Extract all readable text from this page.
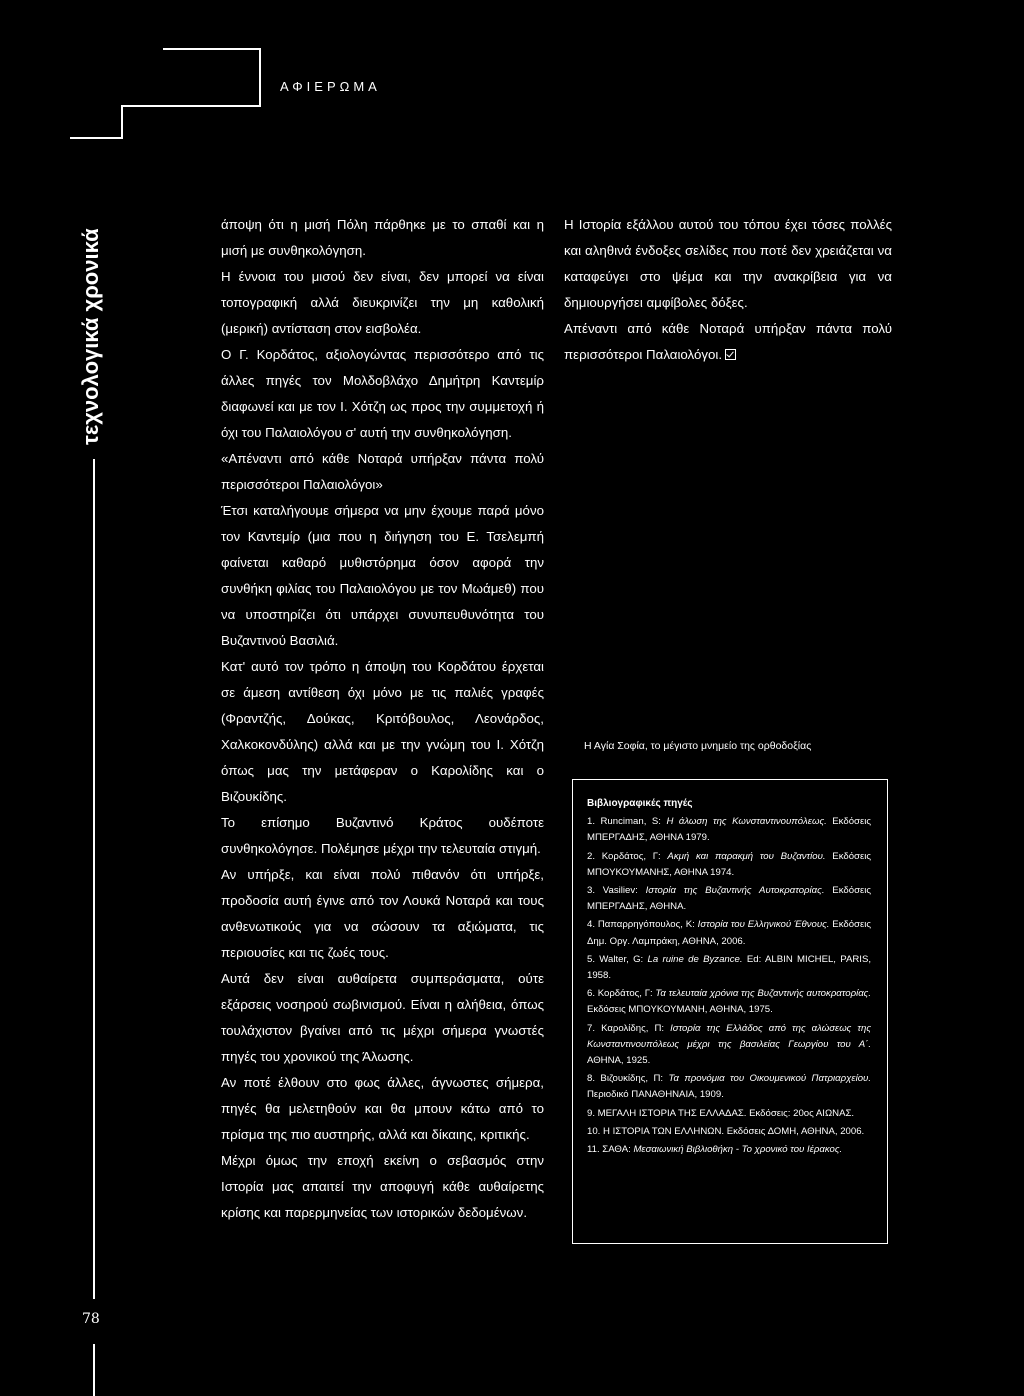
ΑΦΙΕΡΩΜΑ
τεχνολογικά χρονικά

άποψη ότι η μισή Πόλη πάρθηκε με το σπαθί και η μισή με συνθηκολόγηση.

Η έννοια του μισού δεν είναι, δεν μπορεί να είναι τοπογραφική αλλά διευκρινίζει την μη καθολική (μερική) αντίσταση στον εισβολέα.

Ο Γ. Κορδάτος, αξιολογώντας περισσότερο από τις άλλες πηγές τον Μολδοβλάχο Δημήτρη Καντεμίρ διαφωνεί και με τον Ι. Χότζη ως προς την συμμετοχή ή όχι του Παλαιολόγου σ' αυτή την συνθηκολόγηση.

«Απέναντι από κάθε Νοταρά υπήρξαν πάντα πολύ περισσότεροι Παλαιολόγοι»

Έτσι καταλήγουμε σήμερα να μην έχουμε παρά μόνο τον Καντεμίρ (μια που η διήγηση του Ε. Τσελεμπή φαίνεται καθαρό μυθιστόρημα όσον αφορά την συνθήκη φιλίας του Παλαιολόγου με τον Μωάμεθ) που να υποστηρίζει ότι υπάρχει συνυπευθυνότητα του Βυζαντινού Βασιλιά.

Κατ' αυτό τον τρόπο η άποψη του Κορδάτου έρχεται σε άμεση αντίθεση όχι μόνο με τις παλιές γραφές (Φραντζής, Δούκας, Κριτόβουλος, Λεονάρδος, Χαλκοκονδύλης) αλλά και με την γνώμη του Ι. Χότζη όπως μας την μετάφεραν ο Καρολίδης και ο Βιζουκίδης.

Το επίσημο Βυζαντινό Κράτος ουδέποτε συνθηκολόγησε. Πολέμησε μέχρι την τελευταία στιγμή.

Αν υπήρξε, και είναι πολύ πιθανόν ότι υπήρξε, προδοσία αυτή έγινε από τον Λουκά Νοταρά και τους ανθενωτικούς για να σώσουν τα αξιώματα, τις περιουσίες και τις ζωές τους.

Αυτά δεν είναι αυθαίρετα συμπεράσματα, ούτε εξάρσεις νοσηρού σωβινισμού. Είναι η αλήθεια, όπως τουλάχιστον βγαίνει από τις μέχρι σήμερα γνωστές πηγές του χρονικού της Άλωσης.

Αν ποτέ έλθουν στο φως άλλες, άγνωστες σήμερα, πηγές θα μελετηθούν και θα μπουν κάτω από το πρίσμα της πιο αυστηρής, αλλά και δίκαιης, κριτικής.

Μέχρι όμως την εποχή εκείνη ο σεβασμός στην Ιστορία μας απαιτεί την αποφυγή κάθε αυθαίρετης κρίσης και παρερμηνείας των ιστορικών δεδομένων.

Η Ιστορία εξάλλου αυτού του τόπου έχει τόσες πολλές και αληθινά ένδοξες σελίδες που ποτέ δεν χρειάζεται να καταφεύγει στο ψέμα και την ανακρίβεια για να δημιουργήσει αμφίβολες δόξες.

Απέναντι από κάθε Νοταρά υπήρξαν πάντα πολύ περισσότεροι Παλαιολόγοι.

Η Αγία Σοφία, το μέγιστο μνημείο της ορθοδοξίας
Βιβλιογραφικές πηγές
1. Runciman, S: Η άλωση της Κωνσταντινουπόλεως. Εκδόσεις ΜΠΕΡΓΑΔΗΣ, ΑΘΗΝΑ 1979.
2. Κορδάτος, Γ: Ακμή και παρακμή του Βυζαντίου. Εκδόσεις ΜΠΟΥΚΟΥΜΑΝΗΣ, ΑΘΗΝΑ 1974.
3. Vasiliev: Ιστορία της Βυζαντινής Αυτοκρατορίας. Εκδόσεις ΜΠΕΡΓΑΔΗΣ, ΑΘΗΝΑ.
4. Παπαρρηγόπουλος, Κ: Ιστορία του Ελληνικού Έθνους. Εκδόσεις Δημ. Οργ. Λαμπράκη, ΑΘΗΝΑ, 2006.
5. Walter, G: La ruine de Byzance. Ed: ALBIN MICHEL, PARIS, 1958.
6. Κορδάτος, Γ: Τα τελευταία χρόνια της Βυζαντινής αυτοκρατορίας. Εκδόσεις ΜΠΟΥΚΟΥΜΑΝΗ, ΑΘΗΝΑ, 1975.
7. Καρολίδης, Π: Ιστορία της Ελλάδος από της αλώσεως της Κωνσταντινουπόλεως μέχρι της βασιλείας Γεωργίου του Α΄. ΑΘΗΝΑ, 1925.
8. Βιζουκίδης, Π: Τα προνόμια του Οικουμενικού Πατριαρχείου. Περιοδικό ΠΑΝΑΘΗΝΑΙΑ, 1909.
9. ΜΕΓΑΛΗ ΙΣΤΟΡΙΑ ΤΗΣ ΕΛΛΑΔΑΣ. Εκδόσεις: 20ος ΑΙΩΝΑΣ.
10. Η ΙΣΤΟΡΙΑ ΤΩΝ ΕΛΛΗΝΩΝ. Εκδόσεις ΔΟΜΗ, ΑΘΗΝΑ, 2006.
11. ΣΑΘΑ: Μεσαιωνική Βιβλιοθήκη - Το χρονικό του Ιέρακος.
78
